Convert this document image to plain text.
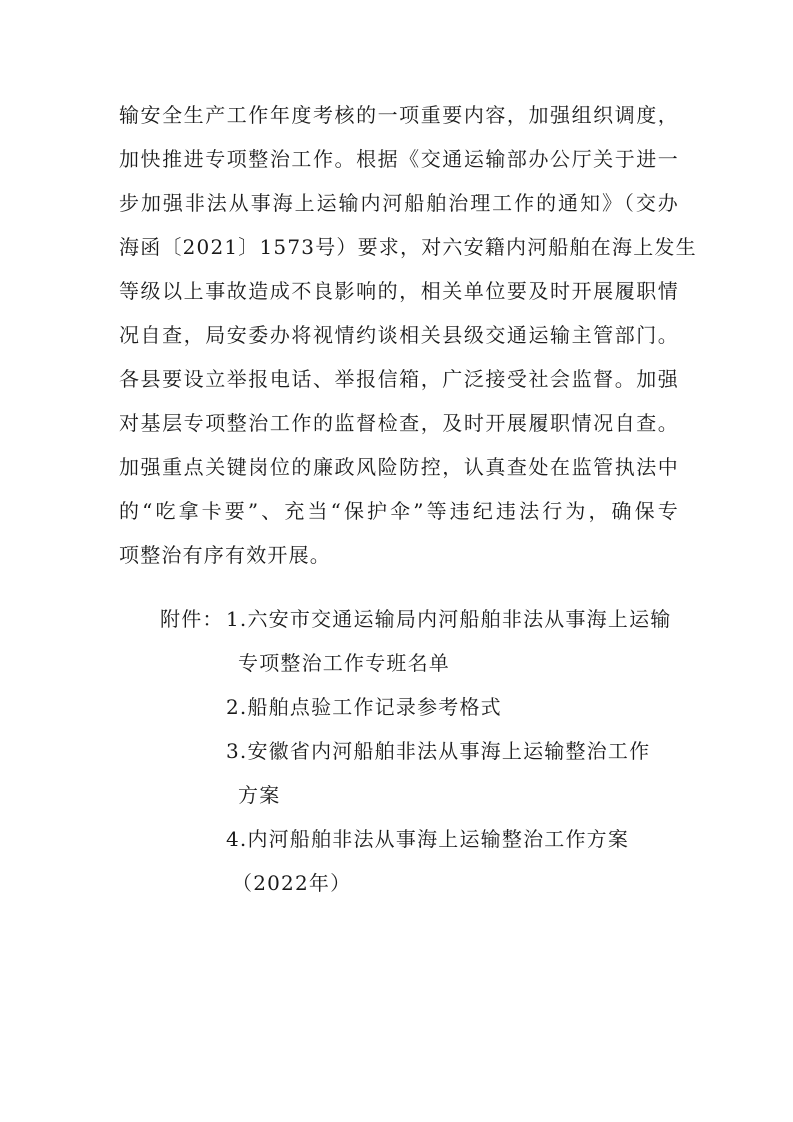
输安全生产工作年度考核的一项重要内容，加强组织调度，
加快推进专项整治工作。根据《交通运输部办公厅关于进一
步加强非法从事海上运输内河船舶治理工作的通知》（交办
海函〔2021〕1573号）要求，对六安籍内河船舶在海上发生
等级以上事故造成不良影响的，相关单位要及时开展履职情
况自查，局安委办将视情约谈相关县级交通运输主管部门。
各县要设立举报电话、举报信箱，广泛接受社会监督。加强
对基层专项整治工作的监督检查，及时开展履职情况自查。
加强重点关键岗位的廉政风险防控，认真查处在监管执法中
的“吃拿卡要”、充当“保护伞”等违纪违法行为，确保专
项整治有序有效开展。
附件： 1.六安市交通运输局内河船舶非法从事海上运输
专项整治工作专班名单
2.船舶点验工作记录参考格式
3.安徽省内河船舶非法从事海上运输整治工作
方案
4.内河船舶非法从事海上运输整治工作方案
（2022年）
